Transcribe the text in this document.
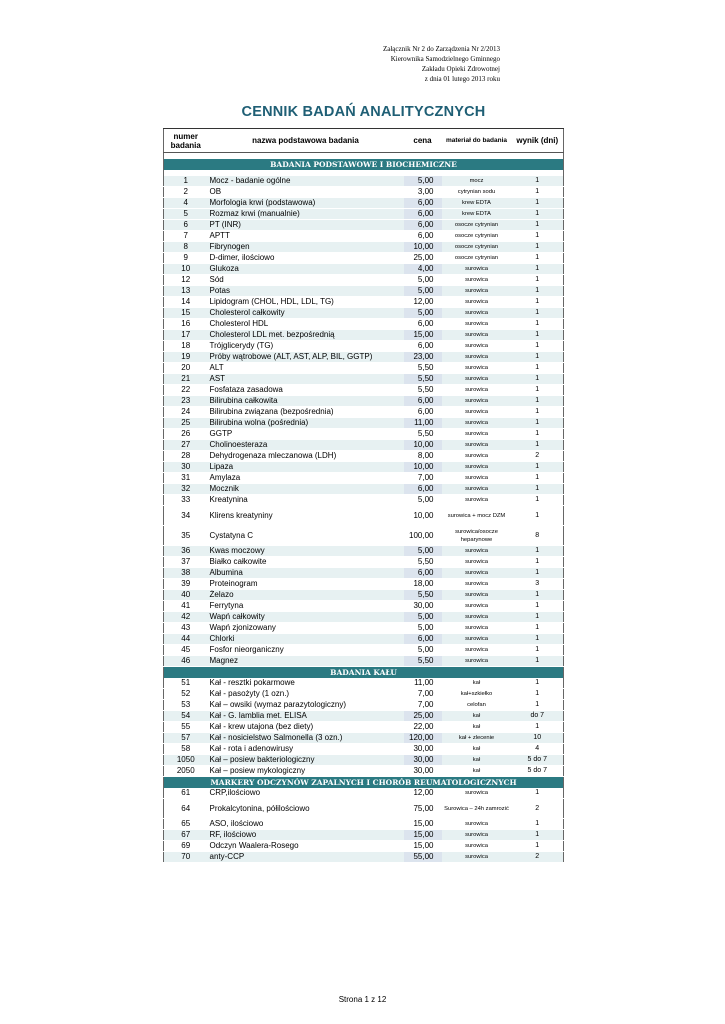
Załącznik Nr 2 do Zarządzenia Nr 2/2013
Kierownika Samodzielnego Gminnego
Zakładu Opieki Zdrowotnej
z dnia 01 lutego 2013 roku
CENNIK BADAŃ ANALITYCZNYCH
numer badania	nazwa podstawowa badania	cena	materiał do badania	wynik (dni)

BADANIA PODSTAWOWE I BIOCHEMICZNE				

1	Mocz - badanie ogólne	5,00	mocz	1
2	OB	3,00	cytrynian sodu	1
4	Morfologia krwi (podstawowa)	6,00	krew EDTA	1
5	Rozmaz krwi (manualnie)	6,00	krew EDTA	1
6	PT (INR)	6,00	osocze cytrynian	1
7	APTT	6,00	osocze cytrynian	1
8	Fibrynogen	10,00	osocze cytrynian	1
9	D-dimer, ilościowo	25,00	osocze cytrynian	1
10	Glukoza	4,00	surowica	1
12	Sód	5,00	surowica	1
13	Potas	5,00	surowica	1
14	Lipidogram (CHOL, HDL, LDL, TG)	12,00	surowica	1
15	Cholesterol całkowity	5,00	surowica	1
16	Cholesterol HDL	6,00	surowica	1
17	Cholesterol LDL met. bezpośrednią	15,00	surowica	1
18	Trójglicerydy (TG)	6,00	surowica	1
19	Próby wątrobowe (ALT, AST, ALP, BIL, GGTP)	23,00	surowica	1
20	ALT	5,50	surowica	1
21	AST	5,50	surowica	1
22	Fosfataza zasadowa	5,50	surowica	1
23	Bilirubina całkowita	6,00	surowica	1
24	Bilirubina związana (bezpośrednia)	6,00	surowica	1
25	Bilirubina wolna (pośrednia)	11,00	surowica	1
26	GGTP	5,50	surowica	1
27	Cholinoesteraza	10,00	surowica	1
28	Dehydrogenaza mleczanowa (LDH)	8,00	surowica	2
30	Lipaza	10,00	surowica	1
31	Amylaza	7,00	surowica	1
32	Mocznik	6,00	surowica	1
33	Kreatynina	5,00	surowica	1
34	Klirens kreatyniny	10,00	surowica + mocz DZM	1
35	Cystatyna C	100,00	surowica/osocze heparynowe	8
36	Kwas moczowy	5,00	surowica	1
37	Białko całkowite	5,50	surowica	1
38	Albumina	6,00	surowica	1
39	Proteinogram	18,00	surowica	3
40	Żelazo	5,50	surowica	1
41	Ferrytyna	30,00	surowica	1
42	Wapń całkowity	5,00	surowica	1
43	Wapń zjonizowany	5,00	surowica	1
44	Chlorki	6,00	surowica	1
45	Fosfor nieorganiczny	5,00	surowica	1
46	Magnez	5,50	surowica	1
BADANIA KAŁU				
51	Kał - resztki pokarmowe	11,00	kał	1
52	Kał - pasożyty (1 ozn.)	7,00	kał+szkiełko	1
53	Kał – owsiki (wymaz parazytologiczny)	7,00	celofan	1
54	Kał - G. lamblia met. ELISA	25,00	kał	do 7
55	Kał - krew utajona (bez diety)	22,00	kał	1
57	Kał - nosicielstwo Salmonella (3 ozn.)	120,00	kał + zlecenie	10
58	Kał - rota i adenowirusy	30,00	kał	4
1050	Kał – posiew bakteriologiczny	30,00	kał	5 do 7
2050	Kał – posiew mykologiczny	30,00	kał	5 do 7
MARKERY ODCZYNÓW ZAPALNYCH I CHORÓB REUMATOLOGICZNYCH				
61	CRP,ilościowo	12,00	surowica	1
64	Prokalcytonina, półilościowo	75,00	Surowica – 24h zamrozić	2
65	ASO, ilościowo	15,00	surowica	1
67	RF, ilościowo	15,00	surowica	1
69	Odczyn Waalera-Rosego	15,00	surowica	1
70	anty-CCP	55,00	surowica	2
Strona 1 z 12
